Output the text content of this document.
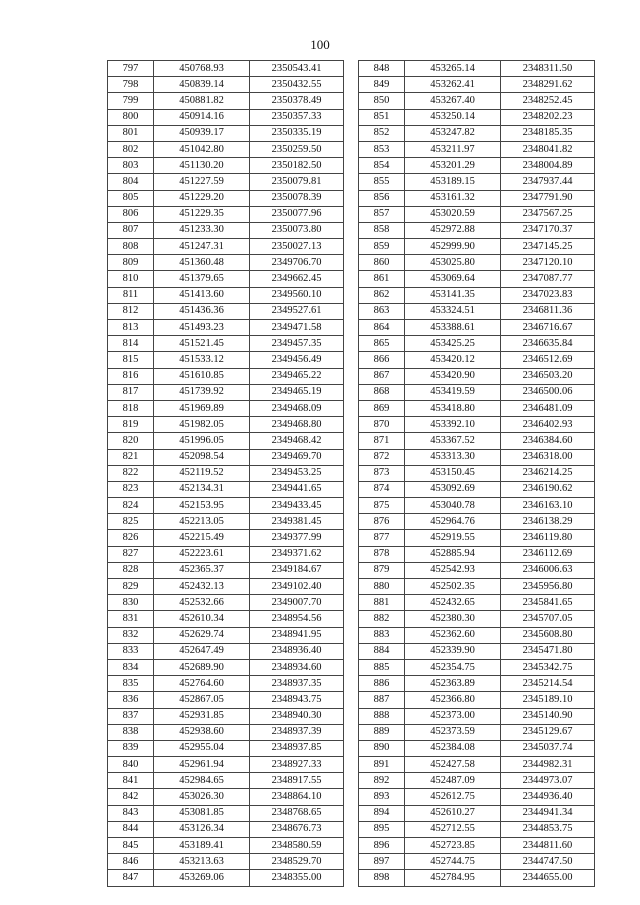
100
797	450768.93	2350543.41
798	450839.14	2350432.55
799	450881.82	2350378.49
800	450914.16	2350357.33
801	450939.17	2350335.19
802	451042.80	2350259.50
803	451130.20	2350182.50
804	451227.59	2350079.81
805	451229.20	2350078.39
806	451229.35	2350077.96
807	451233.30	2350073.80
808	451247.31	2350027.13
809	451360.48	2349706.70
810	451379.65	2349662.45
811	451413.60	2349560.10
812	451436.36	2349527.61
813	451493.23	2349471.58
814	451521.45	2349457.35
815	451533.12	2349456.49
816	451610.85	2349465.22
817	451739.92	2349465.19
818	451969.89	2349468.09
819	451982.05	2349468.80
820	451996.05	2349468.42
821	452098.54	2349469.70
822	452119.52	2349453.25
823	452134.31	2349441.65
824	452153.95	2349433.45
825	452213.05	2349381.45
826	452215.49	2349377.99
827	452223.61	2349371.62
828	452365.37	2349184.67
829	452432.13	2349102.40
830	452532.66	2349007.70
831	452610.34	2348954.56
832	452629.74	2348941.95
833	452647.49	2348936.40
834	452689.90	2348934.60
835	452764.60	2348937.35
836	452867.05	2348943.75
837	452931.85	2348940.30
838	452938.60	2348937.39
839	452955.04	2348937.85
840	452961.94	2348927.33
841	452984.65	2348917.55
842	453026.30	2348864.10
843	453081.85	2348768.65
844	453126.34	2348676.73
845	453189.41	2348580.59
846	453213.63	2348529.70
847	453269.06	2348355.00
848	453265.14	2348311.50
849	453262.41	2348291.62
850	453267.40	2348252.45
851	453250.14	2348202.23
852	453247.82	2348185.35
853	453211.97	2348041.82
854	453201.29	2348004.89
855	453189.15	2347937.44
856	453161.32	2347791.90
857	453020.59	2347567.25
858	452972.88	2347170.37
859	452999.90	2347145.25
860	453025.80	2347120.10
861	453069.64	2347087.77
862	453141.35	2347023.83
863	453324.51	2346811.36
864	453388.61	2346716.67
865	453425.25	2346635.84
866	453420.12	2346512.69
867	453420.90	2346503.20
868	453419.59	2346500.06
869	453418.80	2346481.09
870	453392.10	2346402.93
871	453367.52	2346384.60
872	453313.30	2346318.00
873	453150.45	2346214.25
874	453092.69	2346190.62
875	453040.78	2346163.10
876	452964.76	2346138.29
877	452919.55	2346119.80
878	452885.94	2346112.69
879	452542.93	2346006.63
880	452502.35	2345956.80
881	452432.65	2345841.65
882	452380.30	2345707.05
883	452362.60	2345608.80
884	452339.90	2345471.80
885	452354.75	2345342.75
886	452363.89	2345214.54
887	452366.80	2345189.10
888	452373.00	2345140.90
889	452373.59	2345129.67
890	452384.08	2345037.74
891	452427.58	2344982.31
892	452487.09	2344973.07
893	452612.75	2344936.40
894	452610.27	2344941.34
895	452712.55	2344853.75
896	452723.85	2344811.60
897	452744.75	2344747.50
898	452784.95	2344655.00
